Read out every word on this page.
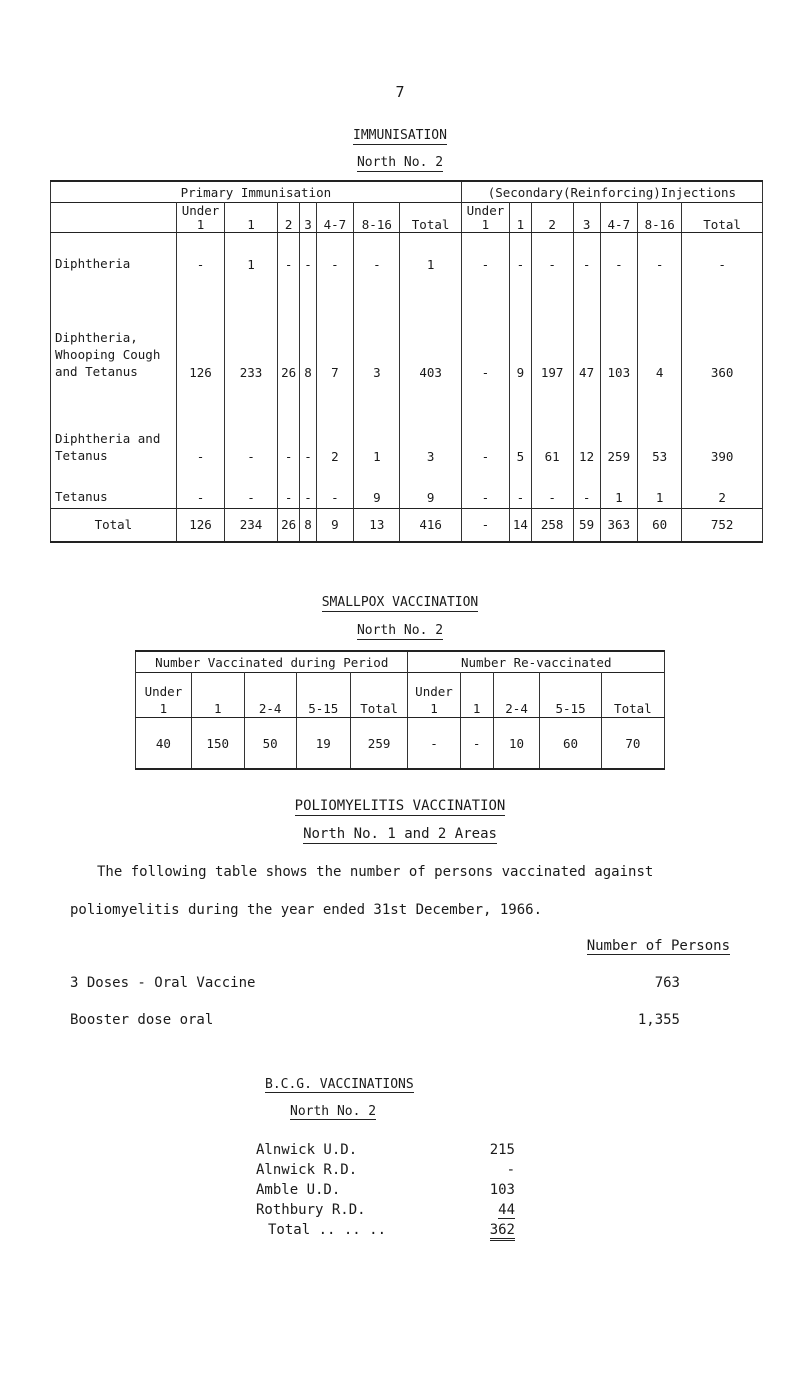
7
IMMUNISATION
North No. 2
Primary Immunisation								(Secondary(Reinforcing)Injections						
	Under 1	1	2	3	4-7	8-16	Total	Under 1	1	2	3	4-7	8-16	Total
Diphtheria	-	1	-	-	-	-	1	-	-	-	-	-	-	-
Diphtheria, Whooping Cough and Tetanus	126	233	26	8	7	3	403	-	9	197	47	103	4	360
Diphtheria and Tetanus	-	-	-	-	2	1	3	-	5	61	12	259	53	390
Tetanus	-	-	-	-	-	9	9	-	-	-	-	1	1	2
Total	126	234	26	8	9	13	416	-	14	258	59	363	60	752
SMALLPOX VACCINATION
North No. 2
Number Vaccinated during Period					Number Re-vaccinated				
Under 1	1	2-4	5-15	Total	Under 1	1	2-4	5-15	Total
40	150	50	19	259	-	-	10	60	70
POLIOMYELITIS VACCINATION
North No. 1 and 2 Areas
The following table shows the number of persons vaccinated against poliomyelitis during the year ended 31st December, 1966.
Number of Persons
3 Doses - Oral Vaccine	763
Booster dose oral	1,355
B.C.G. VACCINATIONS
North No. 2
Alnwick U.D.	215
Alnwick R.D.	-
Amble U.D.	103
Rothbury R.D.	44
Total .. .. ..	362
